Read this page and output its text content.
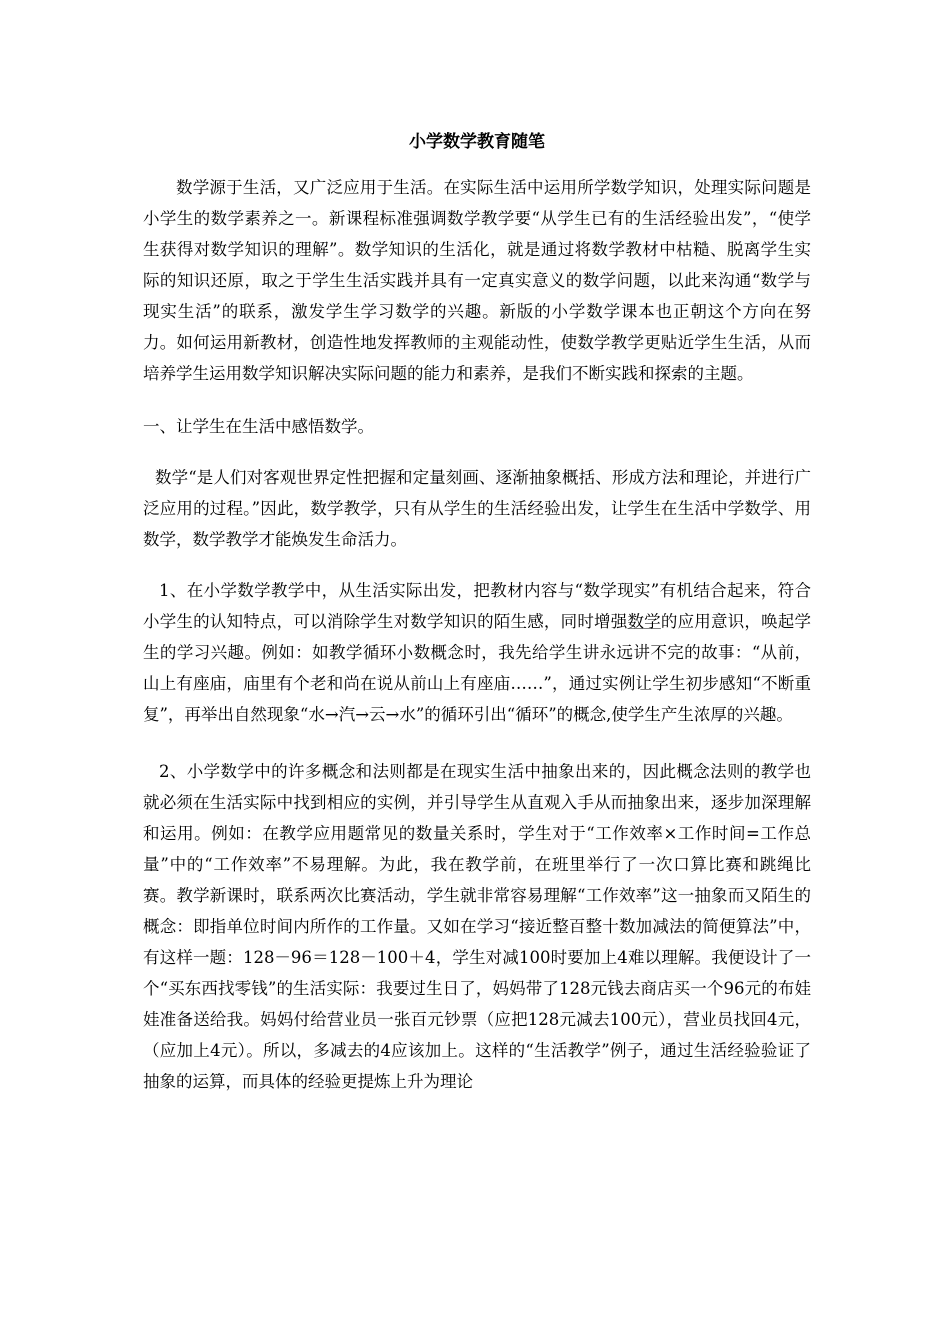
小学数学教育随笔

数学源于生活，又广泛应用于生活。在实际生活中运用所学数学知识，处理实际问题是小学生的数学素养之一。新课程标准强调数学教学要“从学生已有的生活经验出发”，“使学生获得对数学知识的理解”。数学知识的生活化，就是通过将数学教材中枯糙、脱离学生实际的知识还原，取之于学生生活实践并具有一定真实意义的数学问题，以此来沟通“数学与现实生活”的联系，激发学生学习数学的兴趣。新版的小学数学课本也正朝这个方向在努力。如何运用新教材，创造性地发挥教师的主观能动性，使数学教学更贴近学生生活，从而培养学生运用数学知识解决实际问题的能力和素养，是我们不断实践和探索的主题。

一、让学生在生活中感悟数学。

数学“是人们对客观世界定性把握和定量刻画、逐渐抽象概括、形成方法和理论，并进行广泛应用的过程。”因此，数学教学，只有从学生的生活经验出发，让学生在生活中学数学、用数学，数学教学才能焕发生命活力。

1、在小学数学教学中，从生活实际出发，把教材内容与“数学现实”有机结合起来，符合小学生的认知特点，可以消除学生对数学知识的陌生感，同时增强数学的应用意识，唤起学生的学习兴趣。例如：如教学循环小数概念时，我先给学生讲永远讲不完的故事：“从前，山上有座庙，庙里有个老和尚在说从前山上有座庙……”，通过实例让学生初步感知“不断重复”，再举出自然现象“水→汽→云→水”的循环引出“循环”的概念,使学生产生浓厚的兴趣。

2、小学数学中的许多概念和法则都是在现实生活中抽象出来的，因此概念法则的教学也就必须在生活实际中找到相应的实例，并引导学生从直观入手从而抽象出来，逐步加深理解和运用。例如：在教学应用题常见的数量关系时，学生对于“工作效率×工作时间=工作总量”中的“工作效率”不易理解。为此，我在教学前，在班里举行了一次口算比赛和跳绳比赛。教学新课时，联系两次比赛活动，学生就非常容易理解“工作效率”这一抽象而又陌生的概念：即指单位时间内所作的工作量。又如在学习“接近整百整十数加减法的简便算法”中，有这样一题：128－96＝128－100＋4，学生对减100时要加上4难以理解。我便设计了一个“买东西找零钱”的生活实际：我要过生日了，妈妈带了128元钱去商店买一个96元的布娃娃准备送给我。妈妈付给营业员一张百元钞票（应把128元减去100元），营业员找回4元，（应加上4元）。所以，多减去的4应该加上。这样的“生活教学”例子，通过生活经验验证了抽象的运算，而具体的经验更提炼上升为理论
